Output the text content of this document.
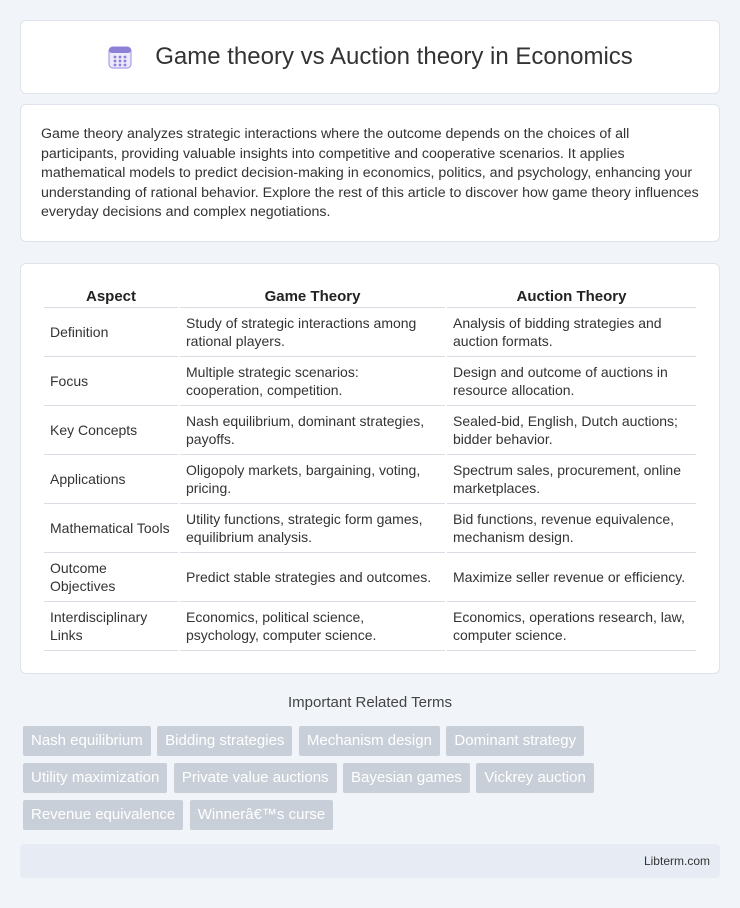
Game theory vs Auction theory in Economics

Game theory analyzes strategic interactions where the outcome depends on the choices of all participants, providing valuable insights into competitive and cooperative scenarios. It applies mathematical models to predict decision-making in economics, politics, and psychology, enhancing your understanding of rational behavior. Explore the rest of this article to discover how game theory influences everyday decisions and complex negotiations.

Aspect	Game Theory	Auction Theory
Definition	Study of strategic interactions among rational players.	Analysis of bidding strategies and auction formats.
Focus	Multiple strategic scenarios: cooperation, competition.	Design and outcome of auctions in resource allocation.
Key Concepts	Nash equilibrium, dominant strategies, payoffs.	Sealed-bid, English, Dutch auctions; bidder behavior.
Applications	Oligopoly markets, bargaining, voting, pricing.	Spectrum sales, procurement, online marketplaces.
Mathematical Tools	Utility functions, strategic form games, equilibrium analysis.	Bid functions, revenue equivalence, mechanism design.
Outcome Objectives	Predict stable strategies and outcomes.	Maximize seller revenue or efficiency.
Interdisciplinary Links	Economics, political science, psychology, computer science.	Economics, operations research, law, computer science.
Important Related Terms
Nash equilibrium Bidding strategies Mechanism design Dominant strategy Utility maximization Private value auctions Bayesian games Vickrey auction Revenue equivalence Winnerâ€™s curse
Libterm.com
